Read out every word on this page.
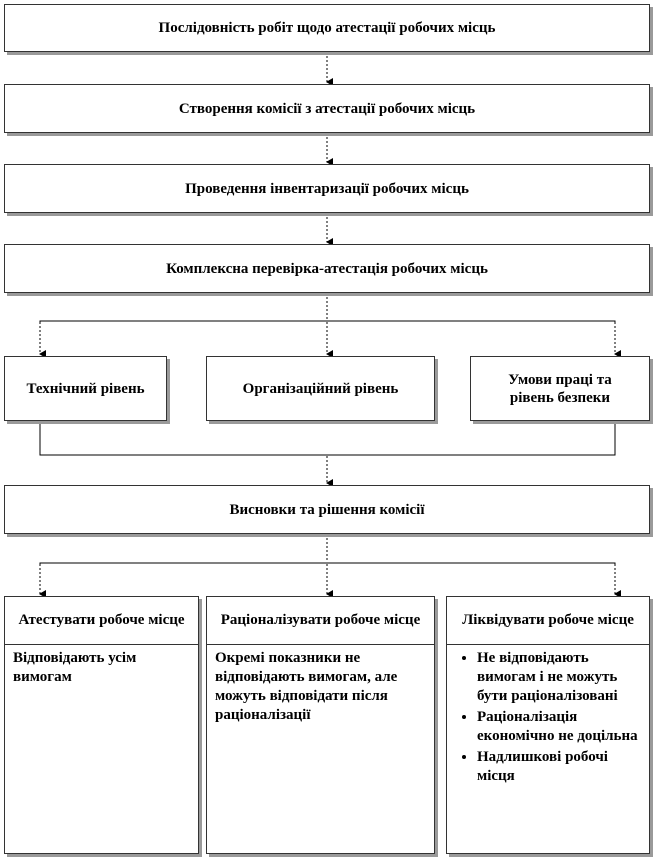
Послідовність робіт щодо атестації робочих місць
Створення комісії з атестації робочих місць
Проведення інвентаризації робочих місць
Комплексна перевірка-атестація робочих місць
Технічний рівень	Організаційний рівень
Умови праці та рівень безпеки
Висновки та рішення комісії
Атестувати робоче місце
Відповідають усім вимогам
Раціоналізувати робоче місце
Окремі показники не відповідають вимогам, але можуть відповідати після раціоналізації
Ліквідувати робоче місце
• Не відповідають вимогам і не можуть бути раціоналізовані
• Раціоналізація економічно не доцільна
• Надлишкові робочі місця
